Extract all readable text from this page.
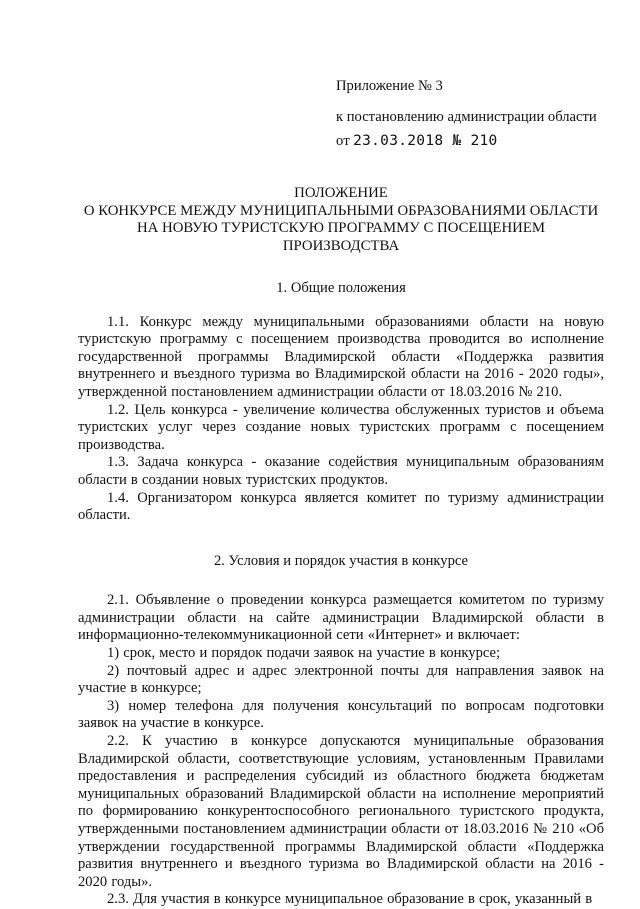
Приложение № 3
к постановлению администрации области
от 23.03.2018 № 210
ПОЛОЖЕНИЕ
О КОНКУРСЕ МЕЖДУ МУНИЦИПАЛЬНЫМИ ОБРАЗОВАНИЯМИ ОБЛАСТИ
НА НОВУЮ ТУРИСТСКУЮ ПРОГРАММУ С ПОСЕЩЕНИЕМ
ПРОИЗВОДСТВА
1. Общие положения

1.1. Конкурс между муниципальными образованиями области на новую туристскую программу с посещением производства проводится во исполнение государственной программы Владимирской области «Поддержка развития внутреннего и въездного туризма во Владимирской области на 2016 - 2020 годы», утвержденной постановлением администрации области от 18.03.2016 № 210.

1.2. Цель конкурса - увеличение количества обслуженных туристов и объема туристских услуг через создание новых туристских программ с посещением производства.

1.3. Задача конкурса - оказание содействия муниципальным образованиям области в создании новых туристских продуктов.

1.4. Организатором конкурса является комитет по туризму администрации области.

2. Условия и порядок участия в конкурсе

2.1. Объявление о проведении конкурса размещается комитетом по туризму администрации области на сайте администрации Владимирской области в информационно-телекоммуникационной сети «Интернет» и включает:

1) срок, место и порядок подачи заявок на участие в конкурсе;

2) почтовый адрес и адрес электронной почты для направления заявок на участие в конкурсе;

3) номер телефона для получения консультаций по вопросам подготовки заявок на участие в конкурсе.

2.2. К участию в конкурсе допускаются муниципальные образования Владимирской области, соответствующие условиям, установленным Правилами предоставления и распределения субсидий из областного бюджета бюджетам муниципальных образований Владимирской области на исполнение мероприятий по формированию конкурентоспособного регионального туристского продукта, утвержденными постановлением администрации области от 18.03.2016 № 210 «Об утверждении государственной программы Владимирской области «Поддержка развития внутреннего и въездного туризма во Владимирской области на 2016 - 2020 годы».

2.3. Для участия в конкурсе муниципальное образование в срок, указанный в
